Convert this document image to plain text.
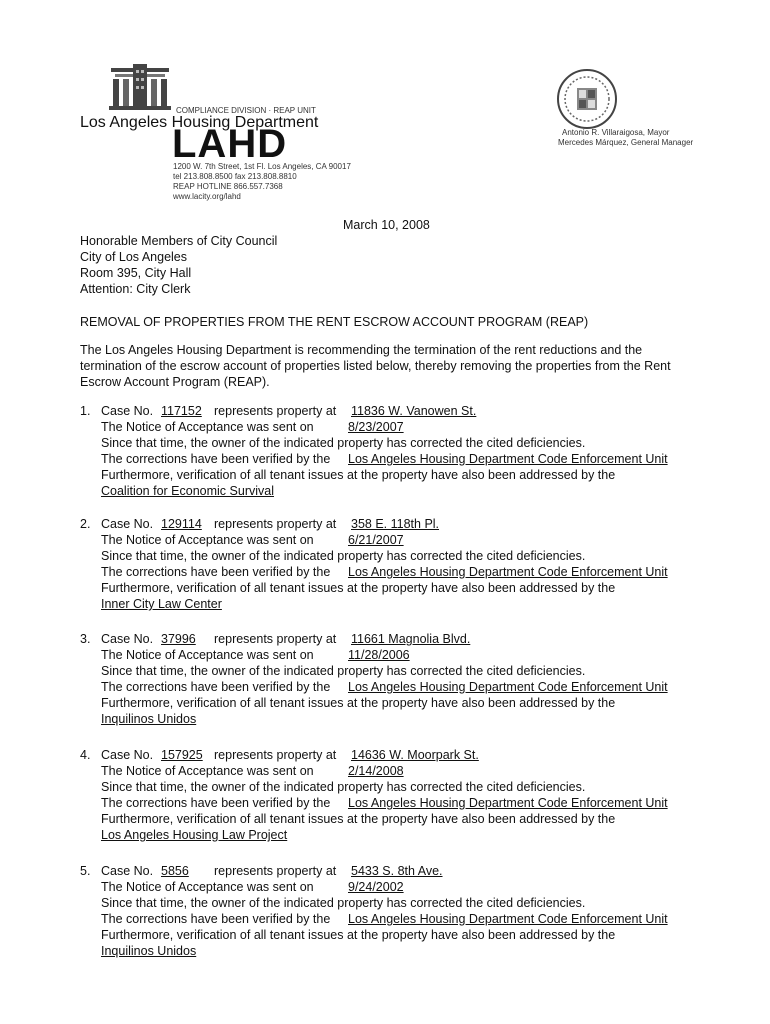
COMPLIANCE DIVISION · REAP UNIT
Los Angeles Housing Department
LAHD
1200 W. 7th Street, 1st Fl. Los Angeles, CA 90017
tel 213.808.8500 fax 213.808.8810
REAP HOTLINE 866.557.7368
www.lacity.org/lahd
Antonio R. Villaraigosa, Mayor
Mercedes Márquez, General Manager
March 10, 2008
Honorable Members of City Council
City of Los Angeles
Room 395, City Hall
Attention: City Clerk
REMOVAL OF PROPERTIES FROM THE RENT ESCROW ACCOUNT PROGRAM (REAP)
The Los Angeles Housing Department is recommending the termination of the rent reductions and the
termination of the escrow account of properties listed below, thereby removing the properties from the Rent
Escrow Account Program (REAP).
1. Case No. 117152 represents property at 11836 W. Vanowen St.
The Notice of Acceptance was sent on	8/23/2007
Since that time, the owner of the indicated property has corrected the cited deficiencies.
The corrections have been verified by the Los Angeles Housing Department Code Enforcement Unit
Furthermore, verification of all tenant issues at the property have also been addressed by the
Coalition for Economic Survival
2. Case No. 129114 represents property at 358 E. 118th Pl.
The Notice of Acceptance was sent on	6/21/2007
Since that time, the owner of the indicated property has corrected the cited deficiencies.
The corrections have been verified by the Los Angeles Housing Department Code Enforcement Unit
Furthermore, verification of all tenant issues at the property have also been addressed by the
Inner City Law Center
3. Case No. 37996 represents property at 11661 Magnolia Blvd.
The Notice of Acceptance was sent on	11/28/2006
Since that time, the owner of the indicated property has corrected the cited deficiencies.
The corrections have been verified by the Los Angeles Housing Department Code Enforcement Unit
Furthermore, verification of all tenant issues at the property have also been addressed by the
Inquilinos Unidos
4. Case No. 157925 represents property at 14636 W. Moorpark St.
The Notice of Acceptance was sent on	2/14/2008
Since that time, the owner of the indicated property has corrected the cited deficiencies.
The corrections have been verified by the Los Angeles Housing Department Code Enforcement Unit
Furthermore, verification of all tenant issues at the property have also been addressed by the
Los Angeles Housing Law Project
5. Case No. 5856 represents property at 5433 S. 8th Ave.
The Notice of Acceptance was sent on	9/24/2002
Since that time, the owner of the indicated property has corrected the cited deficiencies.
The corrections have been verified by the Los Angeles Housing Department Code Enforcement Unit
Furthermore, verification of all tenant issues at the property have also been addressed by the
Inquilinos Unidos
